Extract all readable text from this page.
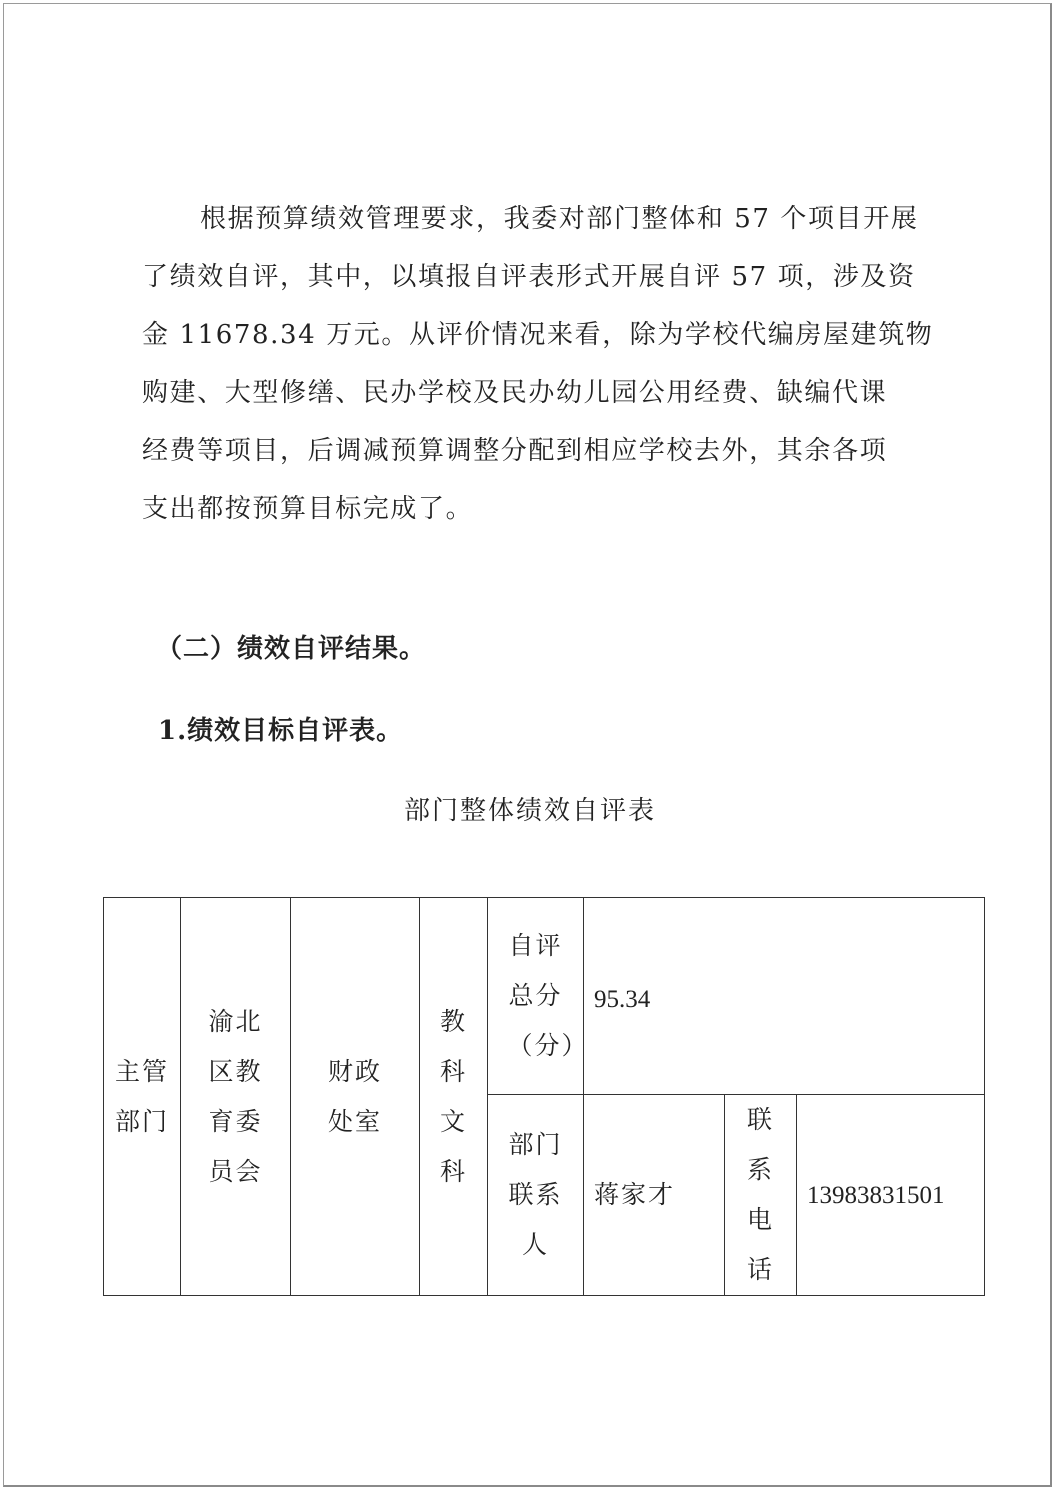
根据预算绩效管理要求，我委对部门整体和 57 个项目开展
了绩效自评，其中，以填报自评表形式开展自评 57 项，涉及资
金 11678.34 万元。从评价情况来看，除为学校代编房屋建筑物
购建、大型修缮、民办学校及民办幼儿园公用经费、缺编代课
经费等项目，后调减预算调整分配到相应学校去外，其余各项
支出都按预算目标完成了。
（二）绩效自评结果。
1.绩效目标自评表。
部门整体绩效自评表
主管部门	渝北区教育委员会	财政处室	教科文科	自评总分（分）	95.34		

				部门联系人	蒋家才	联系电话	13983831501
